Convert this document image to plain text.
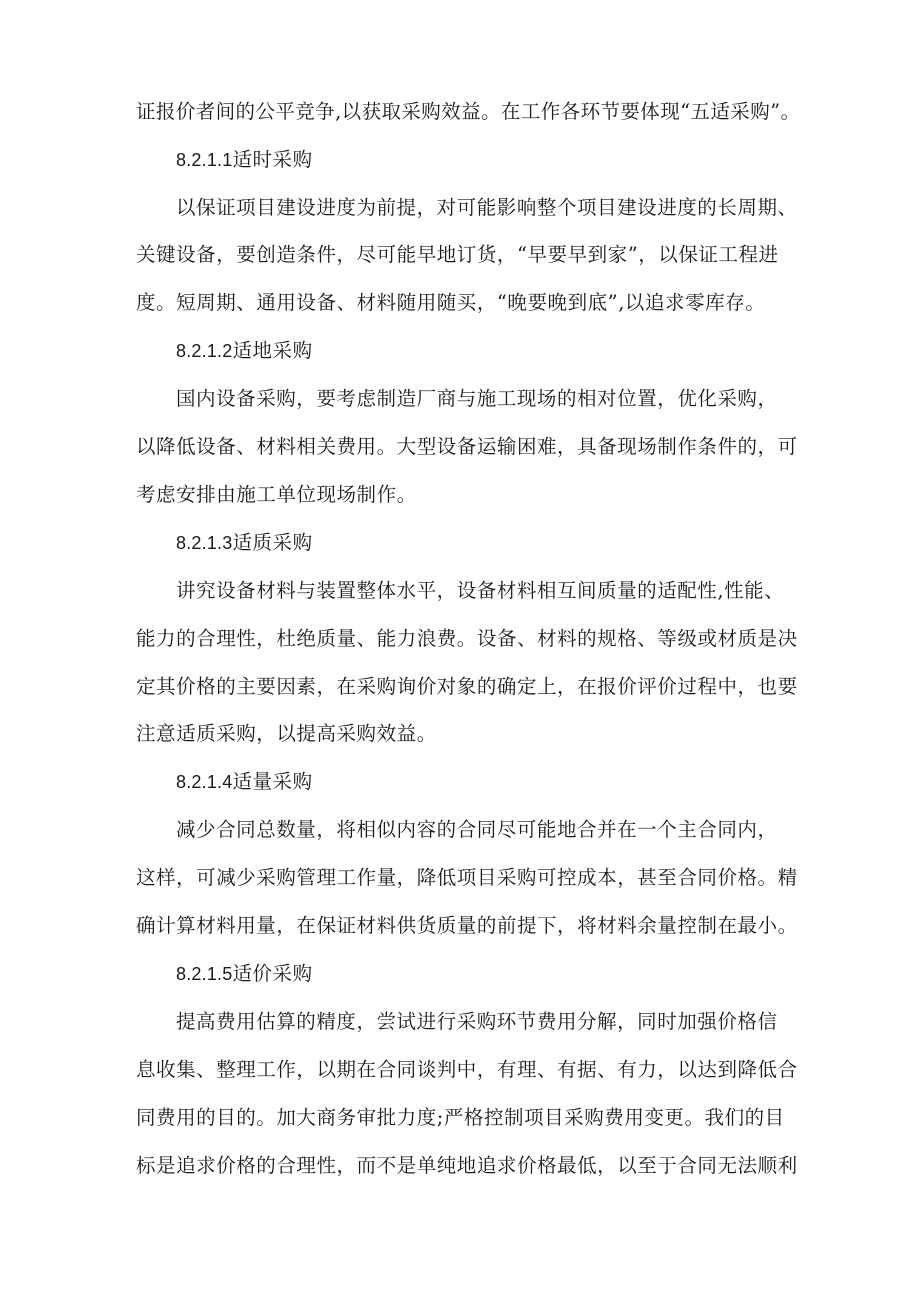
证报价者间的公平竞争,以获取采购效益。在工作各环节要体现“五适采购”。
8.2.1.1适时采购
以保证项目建设进度为前提，对可能影响整个项目建设进度的长周期、
关键设备，要创造条件，尽可能早地订货，“早要早到家”，以保证工程进
度。短周期、通用设备、材料随用随买，“晚要晚到底”,以追求零库存。
8.2.1.2适地采购
国内设备采购，要考虑制造厂商与施工现场的相对位置，优化采购，
以降低设备、材料相关费用。大型设备运输困难，具备现场制作条件的，可
考虑安排由施工单位现场制作。
8.2.1.3适质采购
讲究设备材料与装置整体水平，设备材料相互间质量的适配性,性能、
能力的合理性，杜绝质量、能力浪费。设备、材料的规格、等级或材质是决
定其价格的主要因素，在采购询价对象的确定上，在报价评价过程中，也要
注意适质采购，以提高采购效益。
8.2.1.4适量采购
减少合同总数量，将相似内容的合同尽可能地合并在一个主合同内，
这样，可减少采购管理工作量，降低项目采购可控成本，甚至合同价格。精
确计算材料用量，在保证材料供货质量的前提下，将材料余量控制在最小。
8.2.1.5适价采购
提高费用估算的精度，尝试进行采购环节费用分解，同时加强价格信
息收集、整理工作，以期在合同谈判中，有理、有据、有力，以达到降低合
同费用的目的。加大商务审批力度;严格控制项目采购费用变更。我们的目
标是追求价格的合理性，而不是单纯地追求价格最低，以至于合同无法顺利
